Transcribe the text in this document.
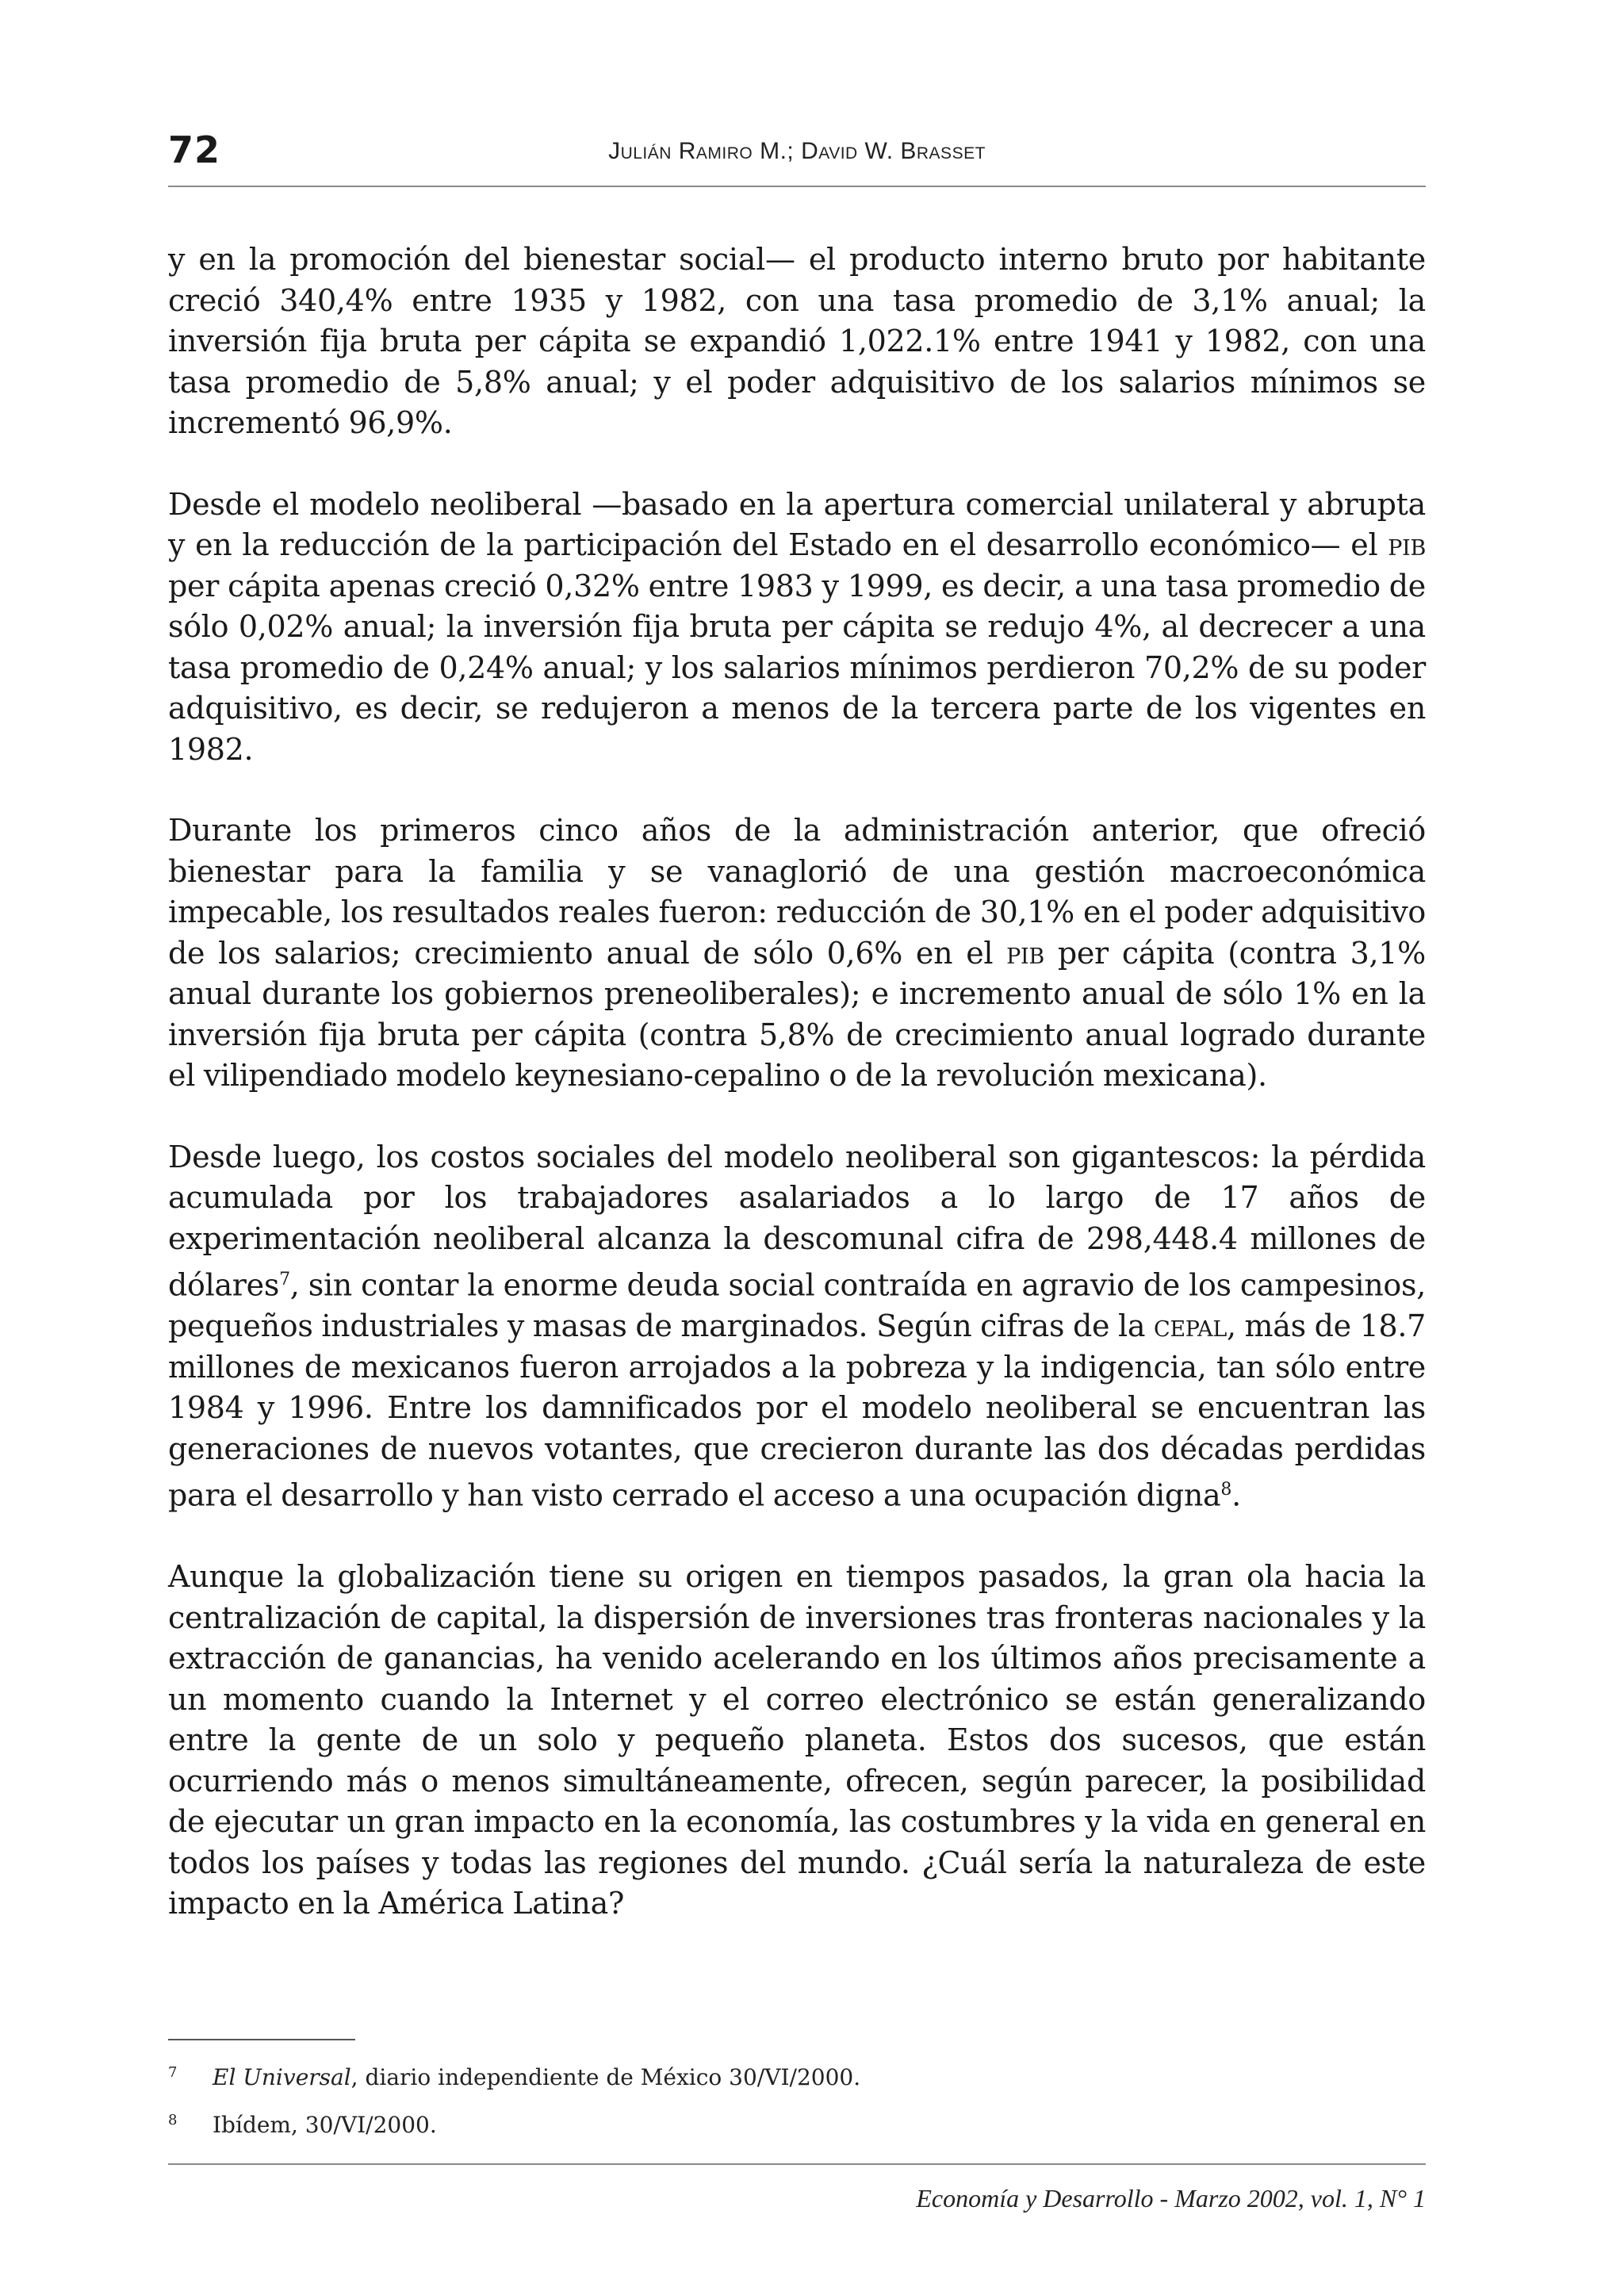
72	Julián Ramiro M.; David W. Brasset

y en la promoción del bienestar social— el producto interno bruto por habitante creció 340,4% entre 1935 y 1982, con una tasa promedio de 3,1% anual; la inversión fija bruta per cápita se expandió 1,022.1% entre 1941 y 1982, con una tasa promedio de 5,8% anual; y el poder adquisitivo de los salarios mínimos se incrementó 96,9%.

Desde el modelo neoliberal —basado en la apertura comercial unilateral y abrupta y en la reducción de la participación del Estado en el desarrollo económico— el pib per cápita apenas creció 0,32% entre 1983 y 1999, es decir, a una tasa promedio de sólo 0,02% anual; la inversión fija bruta per cápita se redujo 4%, al decrecer a una tasa promedio de 0,24% anual; y los salarios mínimos perdieron 70,2% de su poder adquisitivo, es decir, se redujeron a menos de la tercera parte de los vigentes en 1982.

Durante los primeros cinco años de la administración anterior, que ofreció bienestar para la familia y se vanaglorió de una gestión macroeconómica impecable, los resultados reales fueron: reducción de 30,1% en el poder adquisitivo de los salarios; crecimiento anual de sólo 0,6% en el pib per cápita (contra 3,1% anual durante los gobiernos preneoliberales); e incremento anual de sólo 1% en la inversión fija bruta per cápita (contra 5,8% de crecimiento anual logrado durante el vilipendiado modelo keynesiano-cepalino o de la revolución mexicana).

Desde luego, los costos sociales del modelo neoliberal son gigantescos: la pérdida acumulada por los trabajadores asalariados a lo largo de 17 años de experimentación neoliberal alcanza la descomunal cifra de 298,448.4 millones de dólares$^7$, sin contar la enorme deuda social contraída en agravio de los campesinos, pequeños industriales y masas de marginados. Según cifras de la cepal, más de 18.7 millones de mexicanos fueron arrojados a la pobreza y la indigencia, tan sólo entre 1984 y 1996. Entre los damnificados por el modelo neoliberal se encuentran las generaciones de nuevos votantes, que crecieron durante las dos décadas perdidas para el desarrollo y han visto cerrado el acceso a una ocupación digna$^8$.

Aunque la globalización tiene su origen en tiempos pasados, la gran ola hacia la centralización de capital, la dispersión de inversiones tras fronteras nacionales y la extracción de ganancias, ha venido acelerando en los últimos años precisamente a un momento cuando la Internet y el correo electrónico se están generalizando entre la gente de un solo y pequeño planeta. Estos dos sucesos, que están ocurriendo más o menos simultáneamente, ofrecen, según parecer, la posibilidad de ejecutar un gran impacto en la economía, las costumbres y la vida en general en todos los países y todas las regiones del mundo. ¿Cuál sería la naturaleza de este impacto en la América Latina?

7 El Universal, diario independiente de México 30/VI/2000.
8 Ibídem, 30/VI/2000.
Economía y Desarrollo - Marzo 2002, vol. 1, N° 1
